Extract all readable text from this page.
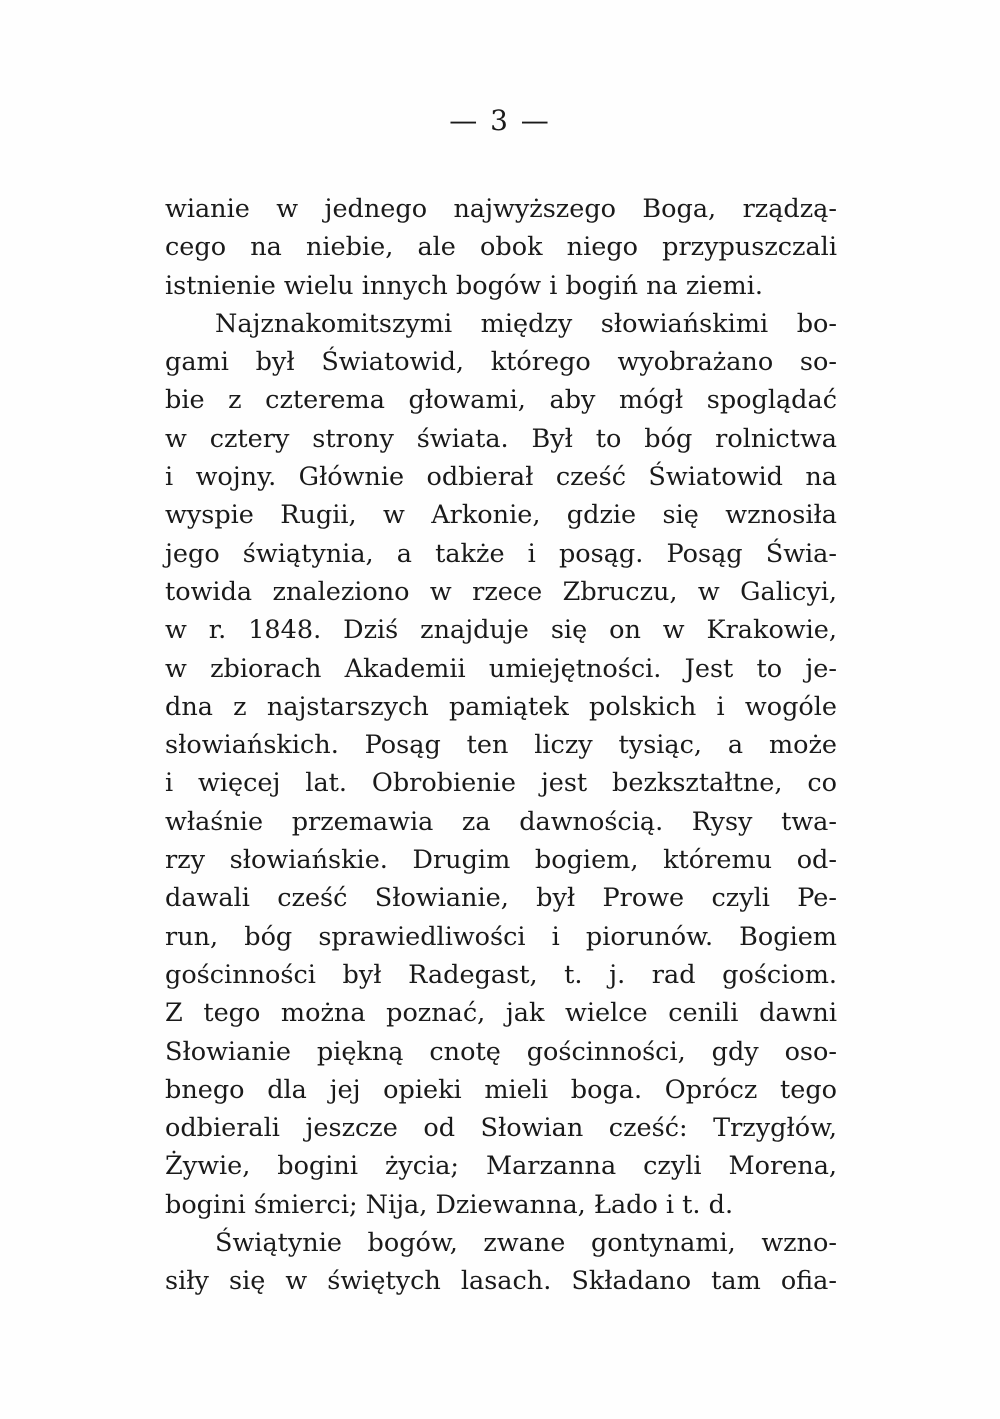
— 3 —
wianie w jednego najwyższego Boga, rządzą-
cego na niebie, ale obok niego przypuszczali
istnienie wielu innych bogów i bogiń na ziemi.
Najznakomitszymi między słowiańskimi bo-
gami był Światowid, którego wyobrażano so-
bie z czterema głowami, aby mógł spoglądać
w cztery strony świata. Był to bóg rolnictwa
i wojny. Głównie odbierał cześć Światowid na
wyspie Rugii, w Arkonie, gdzie się wznosiła
jego świątynia, a także i posąg. Posąg Świa-
towida znaleziono w rzece Zbruczu, w Galicyi,
w r. 1848. Dziś znajduje się on w Krakowie,
w zbiorach Akademii umiejętności. Jest to je-
dna z najstarszych pamiątek polskich i wogóle
słowiańskich. Posąg ten liczy tysiąc, a może
i więcej lat. Obrobienie jest bezkształtne, co
właśnie przemawia za dawnością. Rysy twa-
rzy słowiańskie. Drugim bogiem, któremu od-
dawali cześć Słowianie, był Prowe czyli Pe-
run, bóg sprawiedliwości i piorunów. Bogiem
gościnności był Radegast, t. j. rad gościom.
Z tego można poznać, jak wielce cenili dawni
Słowianie piękną cnotę gościnności, gdy oso-
bnego dla jej opieki mieli boga. Oprócz tego
odbierali jeszcze od Słowian cześć: Trzygłów,
Żywie, bogini życia; Marzanna czyli Morena,
bogini śmierci; Nija, Dziewanna, Łado i t. d.
Świątynie bogów, zwane gontynami, wzno-
siły się w świętych lasach. Składano tam ofia-
